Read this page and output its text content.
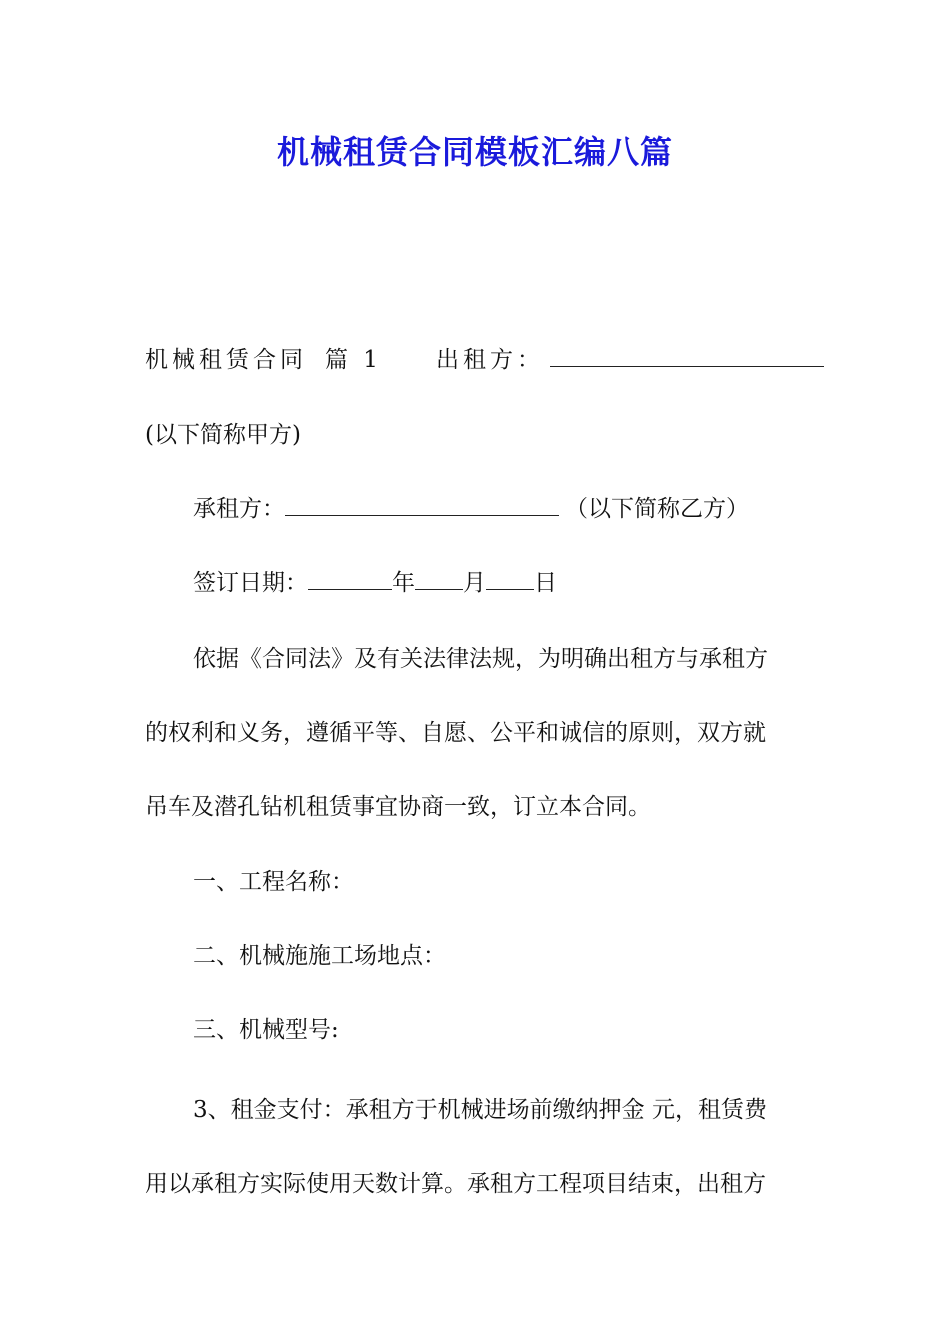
机械租赁合同模板汇编八篇
机械租赁合同 篇 1 出租方：
(以下简称甲方)
承租方：	（以下简称乙方）
签订日期：	年 月 日
依据《合同法》及有关法律法规，为明确出租方与承租方
的权利和义务，遵循平等、自愿、公平和诚信的原则，双方就
吊车及潜孔钻机租赁事宜协商一致，订立本合同。
一、工程名称：
二、机械施施工场地点：
三、机械型号:
3、租金支付：承租方于机械进场前缴纳押金 元，租赁费
用以承租方实际使用天数计算。承租方工程项目结束，出租方
